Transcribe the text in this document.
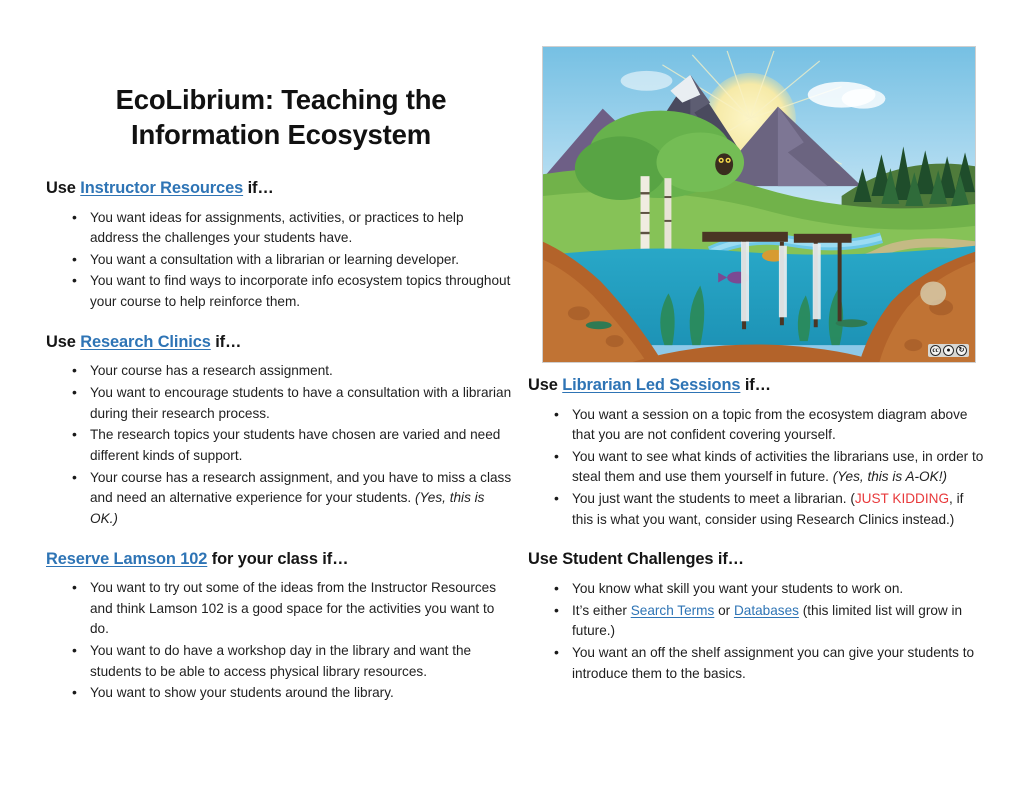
EcoLibrium: Teaching the Information Ecosystem
cc	●	↻
Use Instructor Resources if…
• You want ideas for assignments, activities, or practices to help address the challenges your students have.
• You want a consultation with a librarian or learning developer.
• You want to find ways to incorporate info ecosystem topics throughout your course to help reinforce them.
Use Research Clinics if…
• Your course has a research assignment.
• You want to encourage students to have a consultation with a librarian during their research process.
• The research topics your students have chosen are varied and need different kinds of support.
• Your course has a research assignment, and you have to miss a class and need an alternative experience for your students. (Yes, this is OK.)
Reserve Lamson 102 for your class if…
• You want to try out some of the ideas from the Instructor Resources and think Lamson 102 is a good space for the activities you want to do.
• You want to do have a workshop day in the library and want the students to be able to access physical library resources.
• You want to show your students around the library.
Use Librarian Led Sessions if…
• You want a session on a topic from the ecosystem diagram above that you are not confident covering yourself.
• You want to see what kinds of activities the librarians use, in order to steal them and use them yourself in future. (Yes, this is A-OK!)
• You just want the students to meet a librarian. (JUST KIDDING, if this is what you want, consider using Research Clinics instead.)
Use Student Challenges if…
• You know what skill you want your students to work on.
• It’s either Search Terms or Databases (this limited list will grow in future.)
• You want an off the shelf assignment you can give your students to introduce them to the basics.
